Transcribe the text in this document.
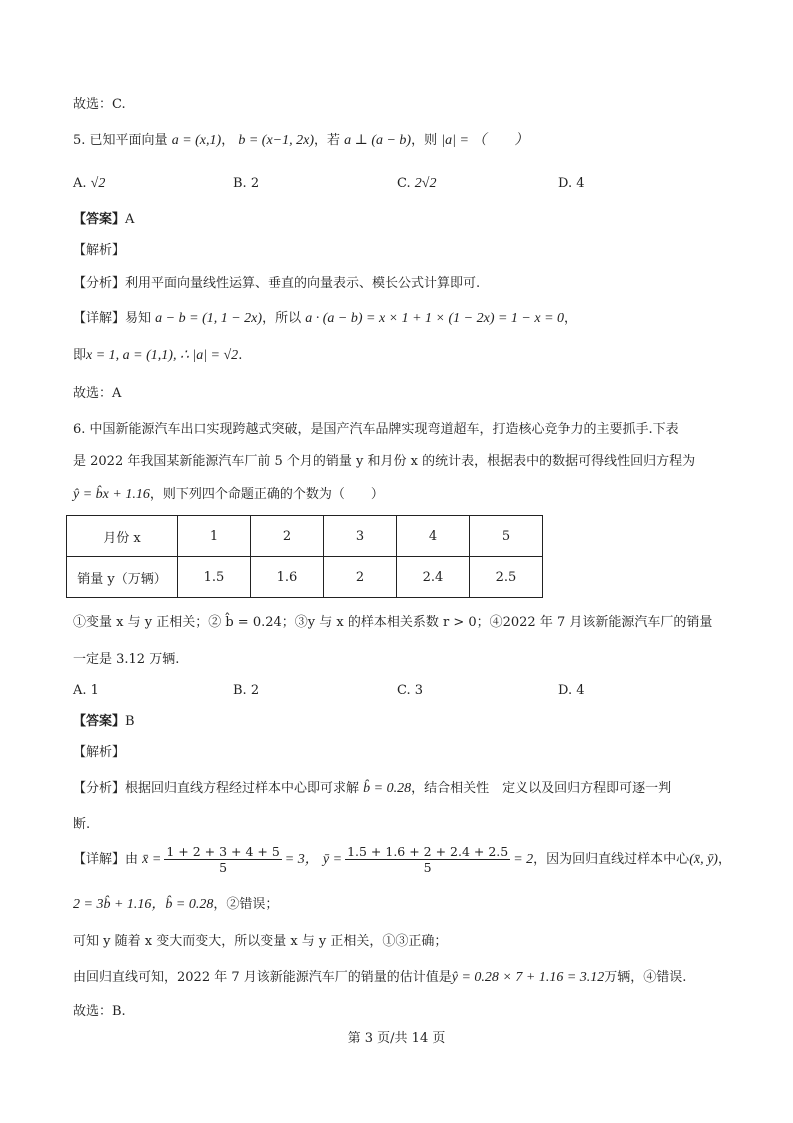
故选：C.
5. 已知平面向量 a = (x,1)， b = (x−1, 2x)，若 a ⊥ (a − b)，则 |a| = （　　）
A. √2	B. 2	C. 2√2	D. 4
【答案】A
【解析】
【分析】利用平面向量线性运算、垂直的向量表示、模长公式计算即可.
【详解】易知 a − b = (1, 1 − 2x)，所以 a · (a − b) = x × 1 + 1 × (1 − 2x) = 1 − x = 0，
即x = 1, a = (1,1), ∴ |a| = √2.
故选：A
6. 中国新能源汽车出口实现跨越式突破，是国产汽车品牌实现弯道超车，打造核心竞争力的主要抓手.下表
是 2022 年我国某新能源汽车厂前 5 个月的销量 y 和月份 x 的统计表，根据表中的数据可得线性回归方程为
ŷ = b̂x + 1.16，则下列四个命题正确的个数为（　　）
月份 x	1	2	3	4	5
销量 y（万辆）	1.5	1.6	2	2.4	2.5
①变量 x 与 y 正相关；② b̂ = 0.24；③y 与 x 的样本相关系数 r > 0；④2022 年 7 月该新能源汽车厂的销量
一定是 3.12 万辆.
A. 1	B. 2	C. 3	D. 4
【答案】B
【解析】
【分析】根据回归直线方程经过样本中心即可求解 b̂ = 0.28，结合相关性　定义以及回归方程即可逐一判
断.
【详解】由 x̄ = $\frac{1 + 2 + 3 + 4 + 5}{5} = 3$， ȳ = $\frac{1.5 + 1.6 + 2 + 2.4 + 2.5}{5} = 2$，因为回归直线过样本中心(x̄, ȳ)，
2 = 3b̂ + 1.16，b̂ = 0.28，②错误；
可知 y 随着 x 变大而变大，所以变量 x 与 y 正相关，①③正确；
由回归直线可知，2022 年 7 月该新能源汽车厂的销量的估计值是ŷ = 0.28 × 7 + 1.16 = 3.12万辆，④错误.
故选：B.
第 3 页/共 14 页
